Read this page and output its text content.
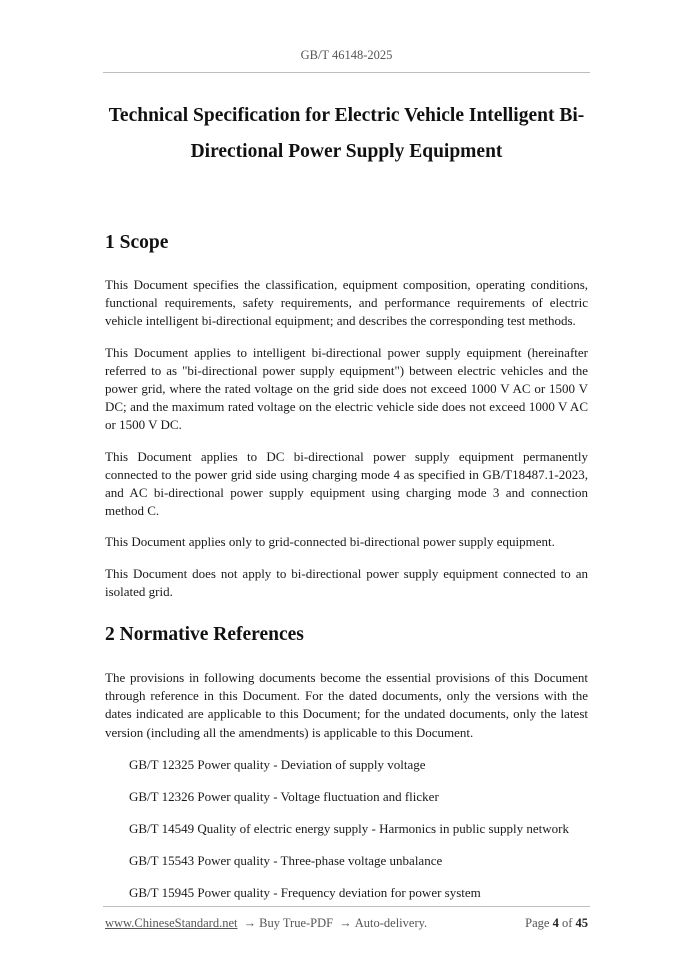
GB/T 46148-2025
Technical Specification for Electric Vehicle Intelligent Bi-
Directional Power Supply Equipment
1 Scope

This Document specifies the classification, equipment composition, operating conditions, functional requirements, safety requirements, and performance requirements of electric vehicle intelligent bi-directional equipment; and describes the corresponding test methods.

This Document applies to intelligent bi-directional power supply equipment (hereinafter referred to as "bi-directional power supply equipment") between electric vehicles and the power grid, where the rated voltage on the grid side does not exceed 1000 V AC or 1500 V DC; and the maximum rated voltage on the electric vehicle side does not exceed 1000 V AC or 1500 V DC.

This Document applies to DC bi-directional power supply equipment permanently connected to the power grid side using charging mode 4 as specified in GB/T18487.1-2023, and AC bi-directional power supply equipment using charging mode 3 and connection method C.

This Document applies only to grid-connected bi-directional power supply equipment.

This Document does not apply to bi-directional power supply equipment connected to an isolated grid.

2 Normative References

The provisions in following documents become the essential provisions of this Document through reference in this Document. For the dated documents, only the versions with the dates indicated are applicable to this Document; for the undated documents, only the latest version (including all the amendments) is applicable to this Document.

GB/T 12325 Power quality - Deviation of supply voltage

GB/T 12326 Power quality - Voltage fluctuation and flicker

GB/T 14549 Quality of electric energy supply - Harmonics in public supply network

GB/T 15543 Power quality - Three-phase voltage unbalance

GB/T 15945 Power quality - Frequency deviation for power system

www.ChineseStandard.net → Buy True-PDF → Auto-delivery.	Page 4 of 45
